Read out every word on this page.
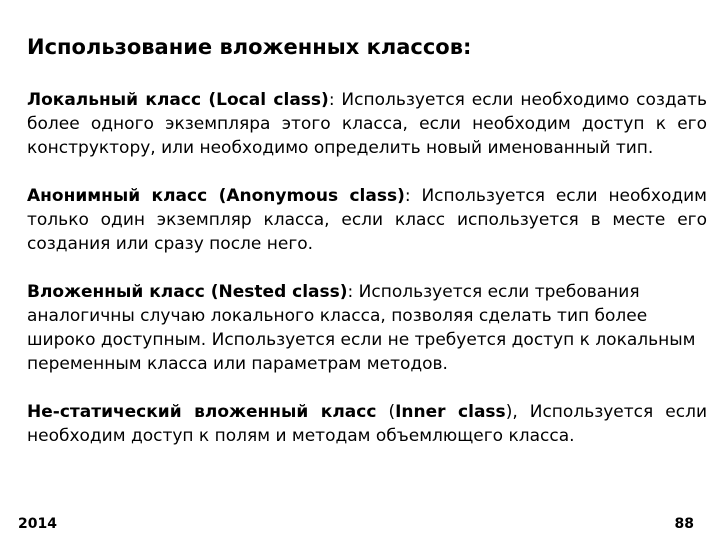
Использование вложенных классов:

Локальный класс (Local class): Используется если необходимо создать более одного экземпляра этого класса, если необходим доступ к его конструктору, или необходимо определить новый именованный тип.

Анонимный класс (Anonymous class): Используется если необходим только один экземпляр класса, если класс используется в месте его создания или сразу после него.

Вложенный класс (Nested class): Используется если требования аналогичны случаю локального класса, позволяя сделать тип более широко доступным. Используется если не требуется доступ к локальным переменным класса или параметрам методов.

Не-статический вложенный класс (Inner class), Используется если необходим доступ к полям и методам объемлющего класса.

2014	88
